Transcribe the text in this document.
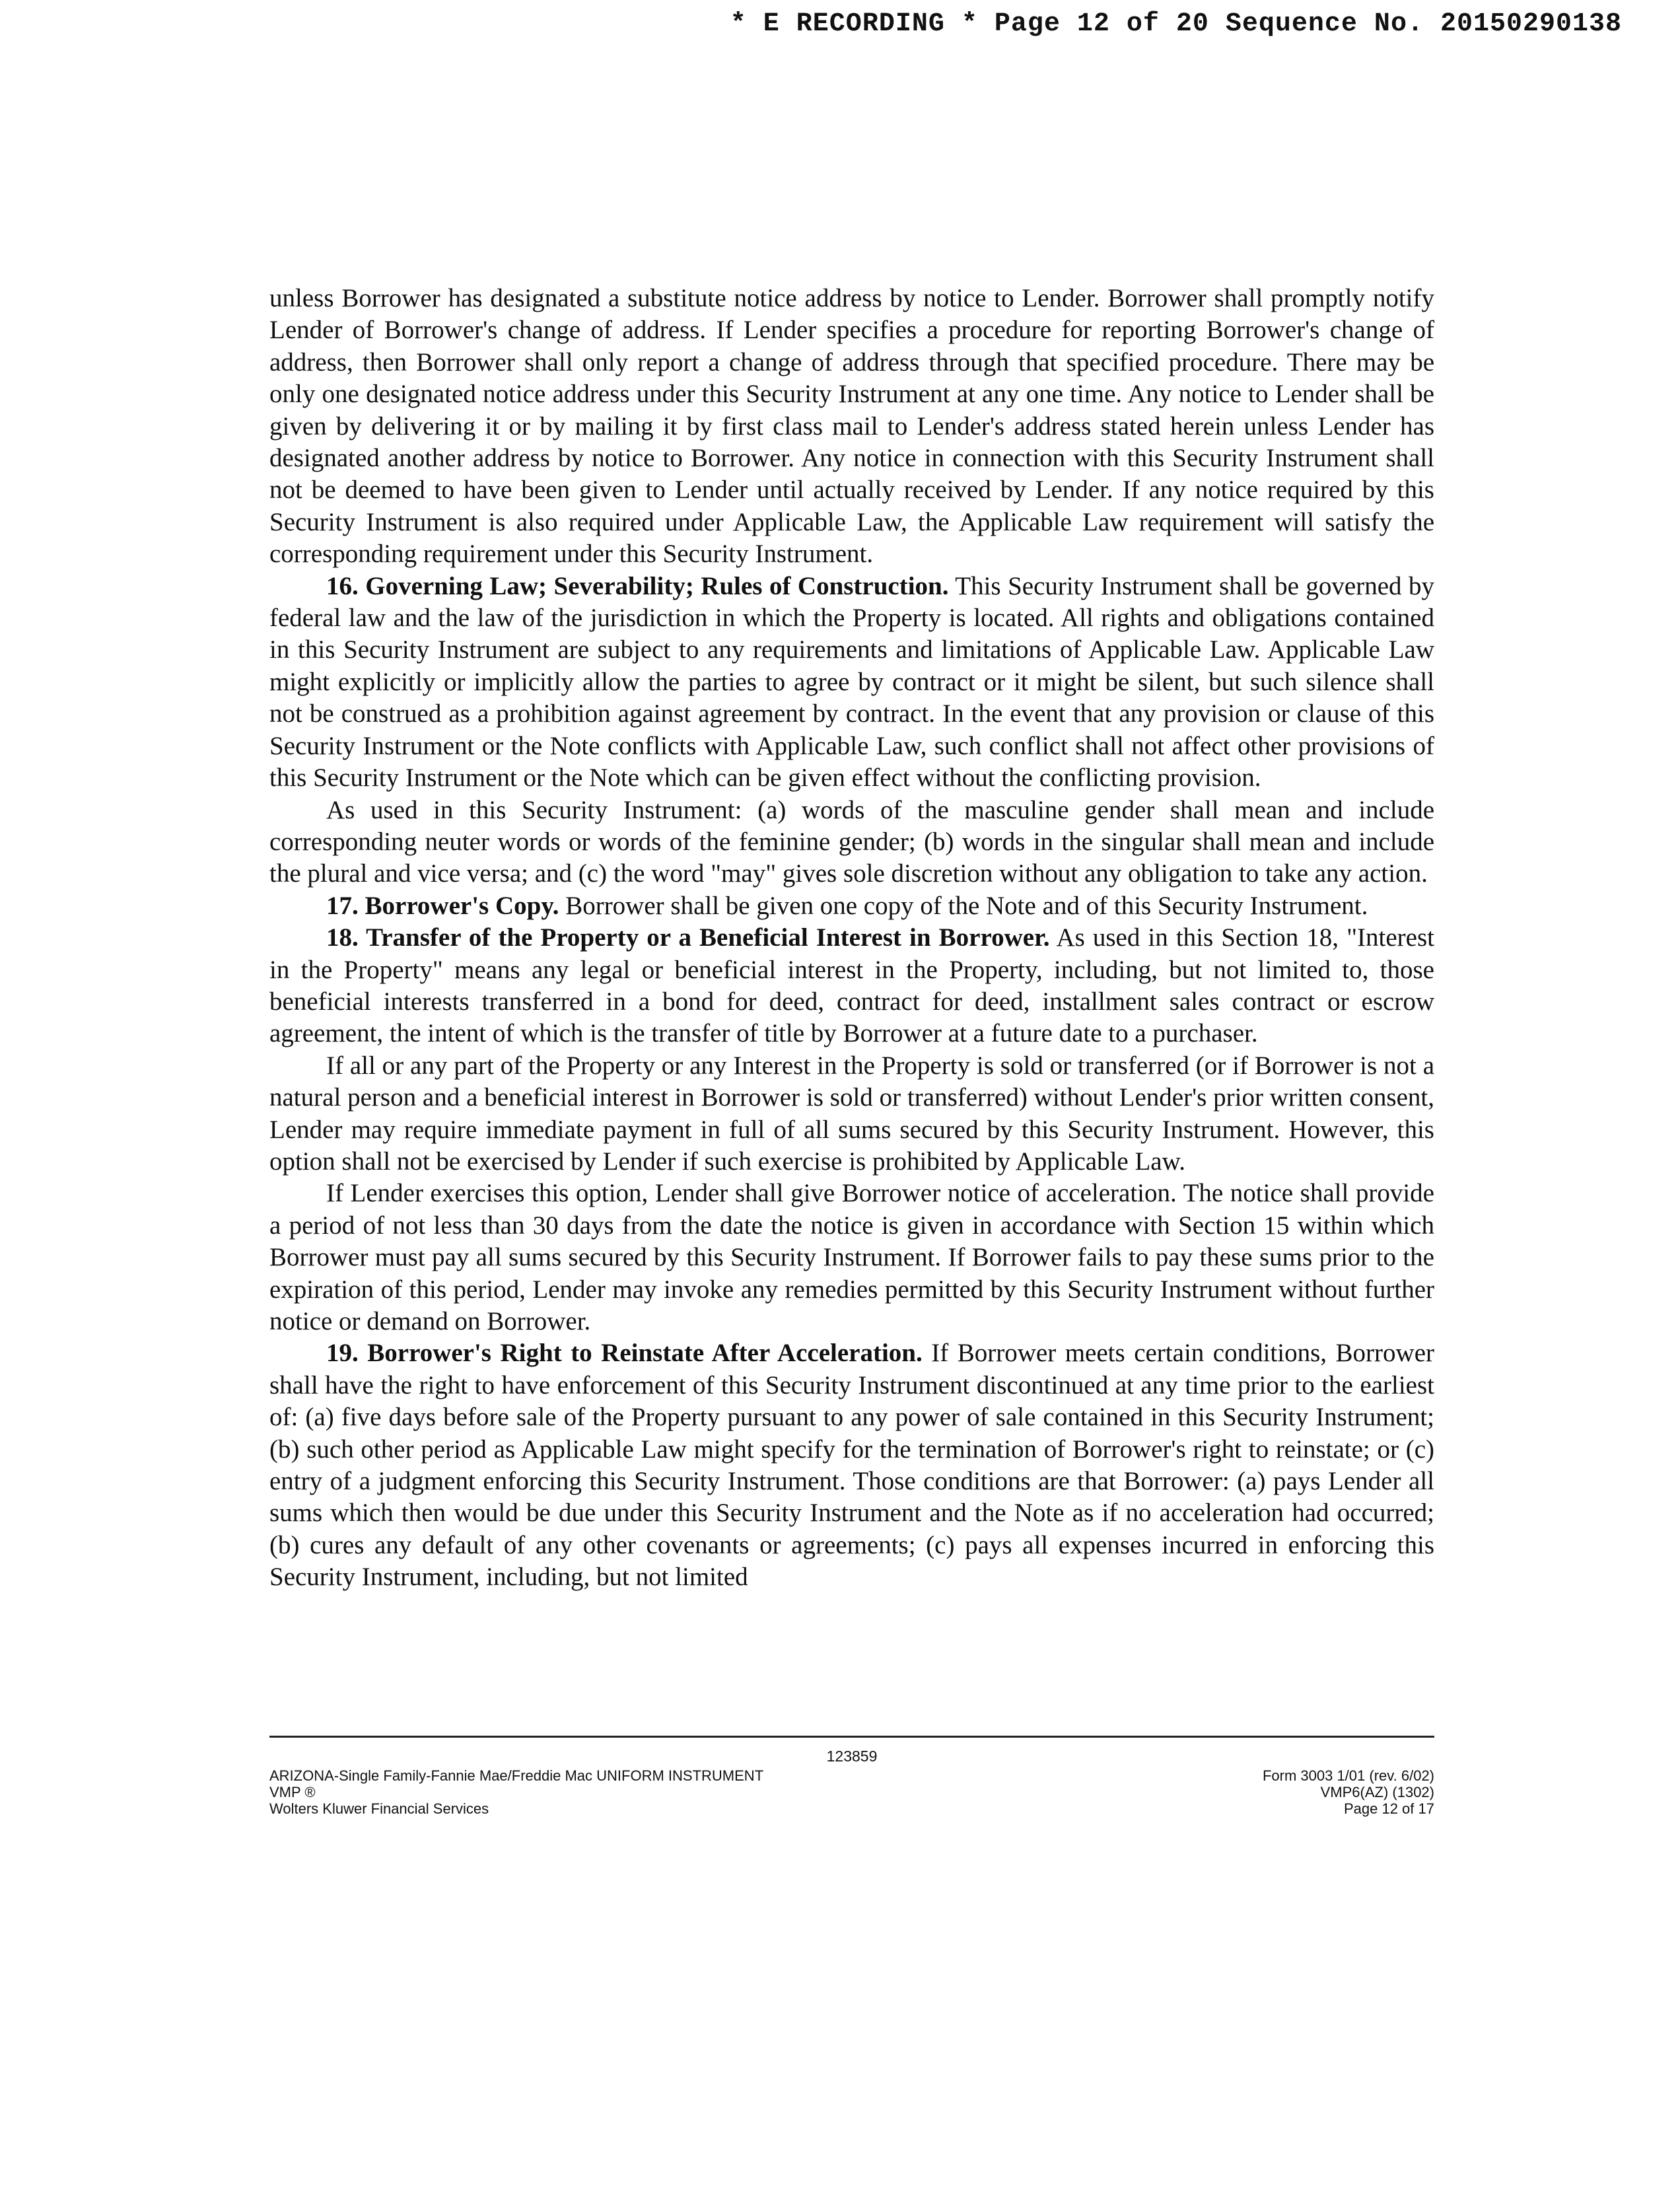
* E RECORDING * Page 12 of 20 Sequence No. 20150290138

unless Borrower has designated a substitute notice address by notice to Lender. Borrower shall promptly notify Lender of Borrower's change of address. If Lender specifies a procedure for reporting Borrower's change of address, then Borrower shall only report a change of address through that specified procedure. There may be only one designated notice address under this Security Instrument at any one time. Any notice to Lender shall be given by delivering it or by mailing it by first class mail to Lender's address stated herein unless Lender has designated another address by notice to Borrower. Any notice in connection with this Security Instrument shall not be deemed to have been given to Lender until actually received by Lender. If any notice required by this Security Instrument is also required under Applicable Law, the Applicable Law requirement will satisfy the corresponding requirement under this Security Instrument.

16. Governing Law; Severability; Rules of Construction. This Security Instrument shall be governed by federal law and the law of the jurisdiction in which the Property is located. All rights and obligations contained in this Security Instrument are subject to any requirements and limitations of Applicable Law. Applicable Law might explicitly or implicitly allow the parties to agree by contract or it might be silent, but such silence shall not be construed as a prohibition against agreement by contract. In the event that any provision or clause of this Security Instrument or the Note conflicts with Applicable Law, such conflict shall not affect other provisions of this Security Instrument or the Note which can be given effect without the conflicting provision.

As used in this Security Instrument: (a) words of the masculine gender shall mean and include corresponding neuter words or words of the feminine gender; (b) words in the singular shall mean and include the plural and vice versa; and (c) the word "may" gives sole discretion without any obligation to take any action.

17. Borrower's Copy. Borrower shall be given one copy of the Note and of this Security Instrument.

18. Transfer of the Property or a Beneficial Interest in Borrower. As used in this Section 18, "Interest in the Property" means any legal or beneficial interest in the Property, including, but not limited to, those beneficial interests transferred in a bond for deed, contract for deed, installment sales contract or escrow agreement, the intent of which is the transfer of title by Borrower at a future date to a purchaser.

If all or any part of the Property or any Interest in the Property is sold or transferred (or if Borrower is not a natural person and a beneficial interest in Borrower is sold or transferred) without Lender's prior written consent, Lender may require immediate payment in full of all sums secured by this Security Instrument. However, this option shall not be exercised by Lender if such exercise is prohibited by Applicable Law.

If Lender exercises this option, Lender shall give Borrower notice of acceleration. The notice shall provide a period of not less than 30 days from the date the notice is given in accordance with Section 15 within which Borrower must pay all sums secured by this Security Instrument. If Borrower fails to pay these sums prior to the expiration of this period, Lender may invoke any remedies permitted by this Security Instrument without further notice or demand on Borrower.

19. Borrower's Right to Reinstate After Acceleration. If Borrower meets certain conditions, Borrower shall have the right to have enforcement of this Security Instrument discontinued at any time prior to the earliest of: (a) five days before sale of the Property pursuant to any power of sale contained in this Security Instrument; (b) such other period as Applicable Law might specify for the termination of Borrower's right to reinstate; or (c) entry of a judgment enforcing this Security Instrument. Those conditions are that Borrower: (a) pays Lender all sums which then would be due under this Security Instrument and the Note as if no acceleration had occurred; (b) cures any default of any other covenants or agreements; (c) pays all expenses incurred in enforcing this Security Instrument, including, but not limited

123859
ARIZONA-Single Family-Fannie Mae/Freddie Mac UNIFORM INSTRUMENT
VMP ®
Wolters Kluwer Financial Services
Form 3003 1/01 (rev. 6/02)
VMP6(AZ) (1302)
Page 12 of 17
